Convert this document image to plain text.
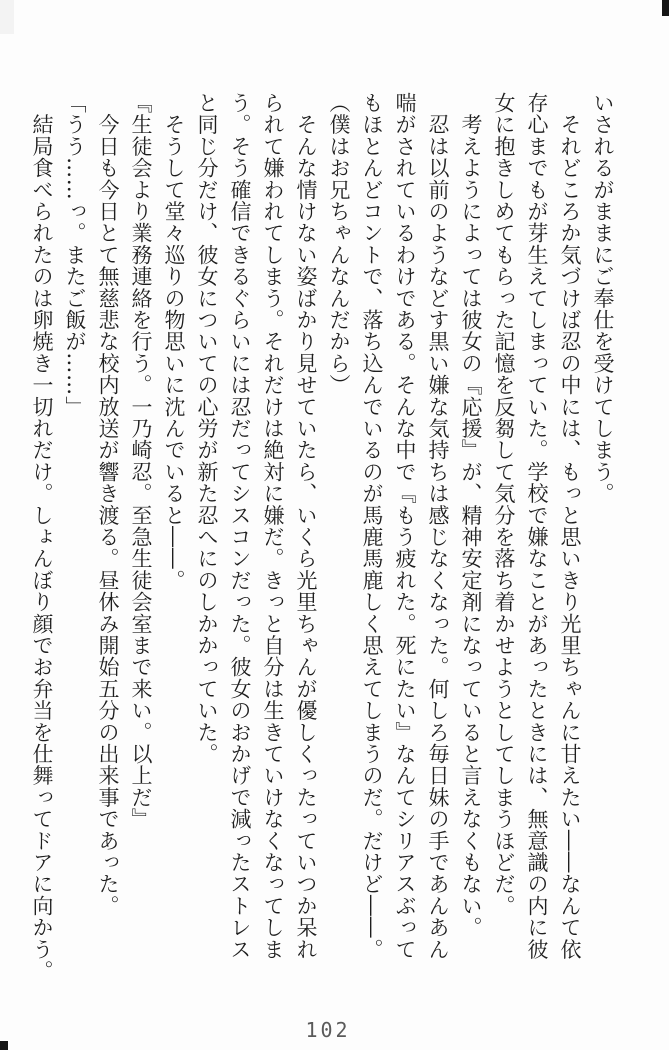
いされるがままにご奉仕を受けてしまう。
　それどころか気づけば忍の中には、もっと思いきり光里ちゃんに甘えたい――なんて依
存心までもが芽生えてしまっていた。学校で嫌なことがあったときには、無意識の内に彼
女に抱きしめてもらった記憶を反芻して気分を落ち着かせようとしてしまうほどだ。
　考えようによっては彼女の『応援』が、精神安定剤になっていると言えなくもない。
　忍は以前のようなどす黒い嫌な気持ちは感じなくなった。何しろ毎日妹の手であんあん
喘がされているわけである。そんな中で『もう疲れた。死にたい』なんてシリアスぶって
もほとんどコントで、落ち込んでいるのが馬鹿馬鹿しく思えてしまうのだ。だけど――。
（僕はお兄ちゃんなんだから）
　そんな情けない姿ばかり見せていたら、いくら光里ちゃんが優しくったっていつか呆れ
られて嫌われてしまう。それだけは絶対に嫌だ。きっと自分は生きていけなくなってしま
う。そう確信できるぐらいには忍だってシスコンだった。彼女のおかげで減ったストレス
と同じ分だけ、彼女についての心労が新た忍へにのしかかっていた。
　そうして堂々巡りの物思いに沈んでいると――。
『生徒会より業務連絡を行う。一乃崎忍。至急生徒会室まで来い。以上だ』
　今日も今日とて無慈悲な校内放送が響き渡る。昼休み開始五分の出来事であった。
「うう……っ。またご飯が……」
　結局食べられたのは卵焼き一切れだけ。しょんぼり顔でお弁当を仕舞ってドアに向かう。
102
